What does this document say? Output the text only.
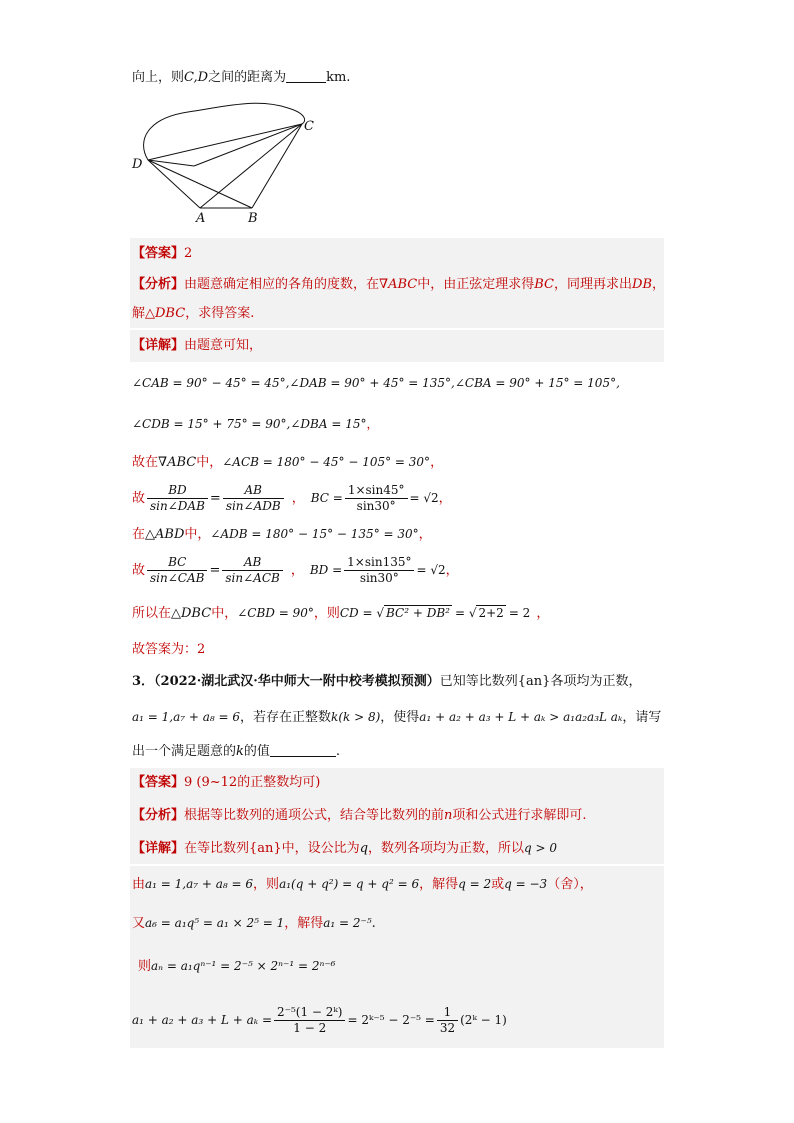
向上，则C,D之间的距离为	km.
C
D
A	B
【答案】2
【分析】由题意确定相应的各角的度数，在∇ABC中，由正弦定理求得BC，同理再求出DB，
解△DBC，求得答案.
【详解】由题意可知，
∠CAB = 90° − 45° = 45°,∠DAB = 90° + 45° = 135°,∠CBA = 90° + 15° = 105°,
∠CDB = 15° + 75° = 90°,∠DBA = 15°，
故在∇ABC中，∠ACB = 180° − 45° − 105° = 30°，
故 $\frac{BD}{\text{sin∠DAB}} = \frac{AB}{\text{sin∠ADB}}$ ， BC = $\frac{1\times\sin 45^\circ}{\sin 30^\circ} = √2$，
在△ABD中，∠ADB = 180° − 15° − 135° = 30°，
故 $\frac{BC}{\text{sin∠CAB}} = \frac{AB}{\text{sin∠ACB}}$ ， BD = $\frac{1\times\sin 135^\circ}{\sin 30^\circ} = √2$，
所以在△DBC中，∠CBD = 90°，则CD = √ BC² + DB² = √ 2+2 = 2 ，
故答案为：2
3．（2022·湖北武汉·华中师大一附中校考模拟预测）已知等比数列{an}各项均为正数，
a₁ = 1,a₇ + a₈ = 6，若存在正整数k(k > 8)，使得a₁ + a₂ + a₃ + L + aₖ > a₁a₂a₃L aₖ，请写
出一个满足题意的k的值	.
【答案】9 (9~12的正整数均可)
【分析】根据等比数列的通项公式，结合等比数列的前n项和公式进行求解即可.
【详解】在等比数列{an}中，设公比为q，数列各项均为正数，所以q > 0
由a₁ = 1,a₇ + a₈ = 6，则a₁(q + q²) = q + q² = 6，解得q = 2或q = −3（舍），
又a₆ = a₁q⁵ = a₁ × 2⁵ = 1，解得a₁ = 2⁻⁵.
则aₙ = a₁qⁿ⁻¹ = 2⁻⁵ × 2ⁿ⁻¹ = 2ⁿ⁻⁶
$a_1 + a_2 + a_3 + L + a_k = \frac{\text{2⁻⁵(1 − 2ᵏ)}}{1 - 2}$ = 2ᵏ⁻⁵ − $2^{-5} = \frac{1}{32}$ (2ᵏ − 1)
